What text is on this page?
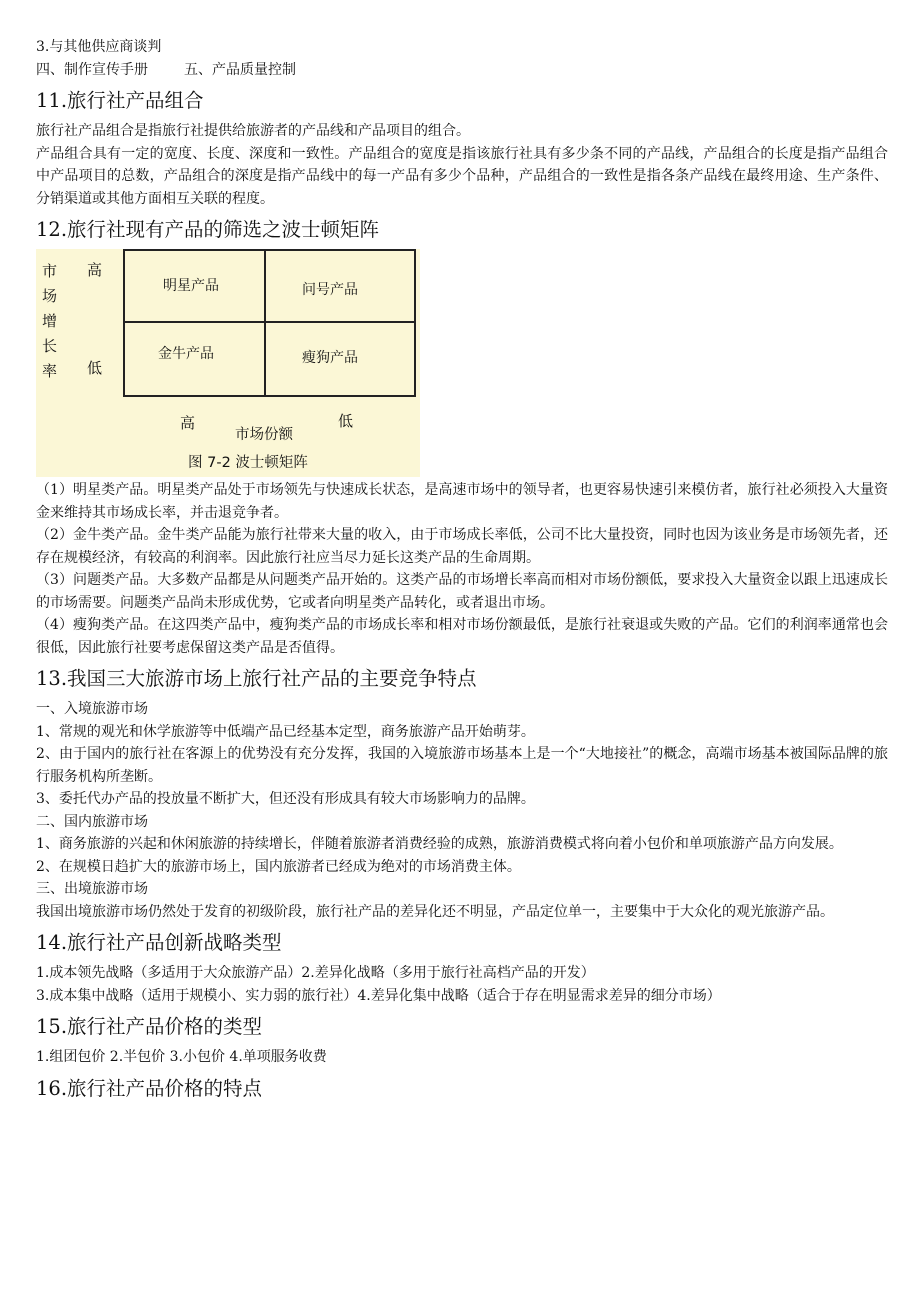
3.与其他供应商谈判

四、制作宣传手册	五、产品质量控制

11.旅行社产品组合

旅行社产品组合是指旅行社提供给旅游者的产品线和产品项目的组合。

产品组合具有一定的宽度、长度、深度和一致性。产品组合的宽度是指该旅行社具有多少条不同的产品线，产品组合的长度是指产品组合中产品项目的总数，产品组合的深度是指产品线中的每一产品有多少个品种，产品组合的一致性是指各条产品线在最终用途、生产条件、分销渠道或其他方面相互关联的程度。

12.旅行社现有产品的筛选之波士顿矩阵
市场增长率
高
低
明星产品	问号产品
金牛产品	瘦狗产品
高	低
市场份额
图 7-2 波士顿矩阵

（1）明星类产品。明星类产品处于市场领先与快速成长状态，是高速市场中的领导者，也更容易快速引来模仿者，旅行社必须投入大量资金来维持其市场成长率，并击退竞争者。

（2）金牛类产品。金牛类产品能为旅行社带来大量的收入，由于市场成长率低，公司不比大量投资，同时也因为该业务是市场领先者，还存在规模经济，有较高的利润率。因此旅行社应当尽力延长这类产品的生命周期。

（3）问题类产品。大多数产品都是从问题类产品开始的。这类产品的市场增长率高而相对市场份额低，要求投入大量资金以跟上迅速成长的市场需要。问题类产品尚未形成优势，它或者向明星类产品转化，或者退出市场。

（4）瘦狗类产品。在这四类产品中，瘦狗类产品的市场成长率和相对市场份额最低，是旅行社衰退或失败的产品。它们的利润率通常也会很低，因此旅行社要考虑保留这类产品是否值得。

13.我国三大旅游市场上旅行社产品的主要竞争特点

一、入境旅游市场

1、常规的观光和休学旅游等中低端产品已经基本定型，商务旅游产品开始萌芽。

2、由于国内的旅行社在客源上的优势没有充分发挥，我国的入境旅游市场基本上是一个“大地接社”的概念，高端市场基本被国际品牌的旅行服务机构所垄断。

3、委托代办产品的投放量不断扩大，但还没有形成具有较大市场影响力的品牌。

二、国内旅游市场

1、商务旅游的兴起和休闲旅游的持续增长，伴随着旅游者消费经验的成熟，旅游消费模式将向着小包价和单项旅游产品方向发展。

2、在规模日趋扩大的旅游市场上，国内旅游者已经成为绝对的市场消费主体。

三、出境旅游市场

我国出境旅游市场仍然处于发育的初级阶段，旅行社产品的差异化还不明显，产品定位单一，主要集中于大众化的观光旅游产品。

14.旅行社产品创新战略类型

1.成本领先战略（多适用于大众旅游产品）2.差异化战略（多用于旅行社高档产品的开发）

3.成本集中战略（适用于规模小、实力弱的旅行社）4.差异化集中战略（适合于存在明显需求差异的细分市场）

15.旅行社产品价格的类型

1.组团包价 2.半包价 3.小包价 4.单项服务收费

16.旅行社产品价格的特点
